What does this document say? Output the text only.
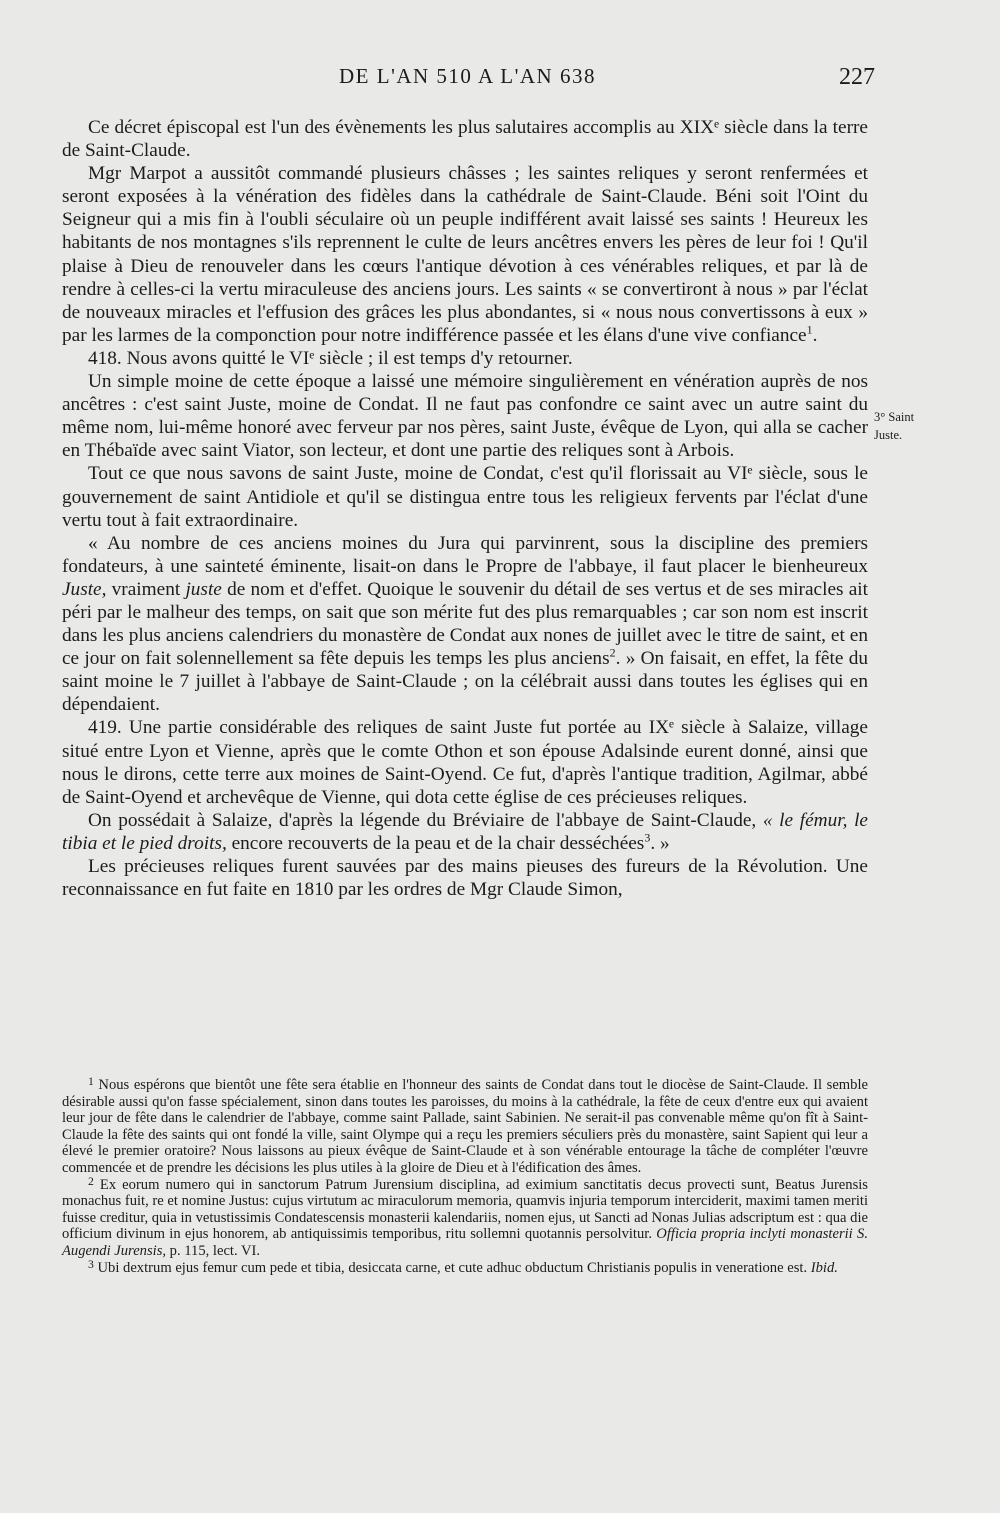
DE L'AN 510 A L'AN 638	227
3° Saint
Juste.

Ce décret épiscopal est l'un des évènements les plus salutaires accomplis au XIXᵉ siècle dans la terre de Saint-Claude.

Mgr Marpot a aussitôt commandé plusieurs châsses ; les saintes reliques y seront renfermées et seront exposées à la vénération des fidèles dans la cathédrale de Saint-Claude. Béni soit l'Oint du Seigneur qui a mis fin à l'oubli séculaire où un peuple indifférent avait laissé ses saints ! Heureux les habitants de nos montagnes s'ils reprennent le culte de leurs ancêtres envers les pères de leur foi ! Qu'il plaise à Dieu de renouveler dans les cœurs l'antique dévotion à ces vénérables reliques, et par là de rendre à celles-ci la vertu miraculeuse des anciens jours. Les saints « se convertiront à nous » par l'éclat de nouveaux miracles et l'effusion des grâces les plus abondantes, si « nous nous convertissons à eux » par les larmes de la componction pour notre indifférence passée et les élans d'une vive confiance$^1$.

418. Nous avons quitté le VIᵉ siècle ; il est temps d'y retourner.

Un simple moine de cette époque a laissé une mémoire singulièrement en vénération auprès de nos ancêtres : c'est saint Juste, moine de Condat. Il ne faut pas confondre ce saint avec un autre saint du même nom, lui-même honoré avec ferveur par nos pères, saint Juste, évêque de Lyon, qui alla se cacher en Thébaïde avec saint Viator, son lecteur, et dont une partie des reliques sont à Arbois.

Tout ce que nous savons de saint Juste, moine de Condat, c'est qu'il florissait au VIᵉ siècle, sous le gouvernement de saint Antidiole et qu'il se distingua entre tous les religieux fervents par l'éclat d'une vertu tout à fait extraordinaire.

« Au nombre de ces anciens moines du Jura qui parvinrent, sous la discipline des premiers fondateurs, à une sainteté éminente, lisait-on dans le Propre de l'abbaye, il faut placer le bienheureux Juste, vraiment juste de nom et d'effet. Quoique le souvenir du détail de ses vertus et de ses miracles ait péri par le malheur des temps, on sait que son mérite fut des plus remarquables ; car son nom est inscrit dans les plus anciens calendriers du monastère de Condat aux nones de juillet avec le titre de saint, et en ce jour on fait solennellement sa fête depuis les temps les plus anciens$^2$. » On faisait, en effet, la fête du saint moine le 7 juillet à l'abbaye de Saint-Claude ; on la célébrait aussi dans toutes les églises qui en dépendaient.

419. Une partie considérable des reliques de saint Juste fut portée au IXᵉ siècle à Salaize, village situé entre Lyon et Vienne, après que le comte Othon et son épouse Adalsinde eurent donné, ainsi que nous le dirons, cette terre aux moines de Saint-Oyend. Ce fut, d'après l'antique tradition, Agilmar, abbé de Saint-Oyend et archevêque de Vienne, qui dota cette église de ces précieuses reliques.

On possédait à Salaize, d'après la légende du Bréviaire de l'abbaye de Saint-Claude, « le fémur, le tibia et le pied droits, encore recouverts de la peau et de la chair desséchées$^3$. »

Les précieuses reliques furent sauvées par des mains pieuses des fureurs de la Révolution. Une reconnaissance en fut faite en 1810 par les ordres de Mgr Claude Simon,

$^1$ Nous espérons que bientôt une fête sera établie en l'honneur des saints de Condat dans tout le diocèse de Saint-Claude. Il semble désirable aussi qu'on fasse spécialement, sinon dans toutes les paroisses, du moins à la cathédrale, la fête de ceux d'entre eux qui avaient leur jour de fête dans le calendrier de l'abbaye, comme saint Pallade, saint Sabinien. Ne serait-il pas convenable même qu'on fît à Saint-Claude la fête des saints qui ont fondé la ville, saint Olympe qui a reçu les premiers séculiers près du monastère, saint Sapient qui leur a élevé le premier oratoire? Nous laissons au pieux évêque de Saint-Claude et à son vénérable entourage la tâche de compléter l'œuvre commencée et de prendre les décisions les plus utiles à la gloire de Dieu et à l'édification des âmes.

$^2$ Ex eorum numero qui in sanctorum Patrum Jurensium disciplina, ad eximium sanctitatis decus provecti sunt, Beatus Jurensis monachus fuit, re et nomine Justus: cujus virtutum ac miraculorum memoria, quamvis injuria temporum interciderit, maximi tamen meriti fuisse creditur, quia in vetustissimis Condatescensis monasterii kalendariis, nomen ejus, ut Sancti ad Nonas Julias adscriptum est : qua die officium divinum in ejus honorem, ab antiquissimis temporibus, ritu sollemni quotannis persolvitur. Officia propria inclyti monasterii S. Augendi Jurensis, p. 115, lect. VI.

$^3$ Ubi dextrum ejus femur cum pede et tibia, desiccata carne, et cute adhuc obductum Christianis populis in veneratione est. Ibid.
